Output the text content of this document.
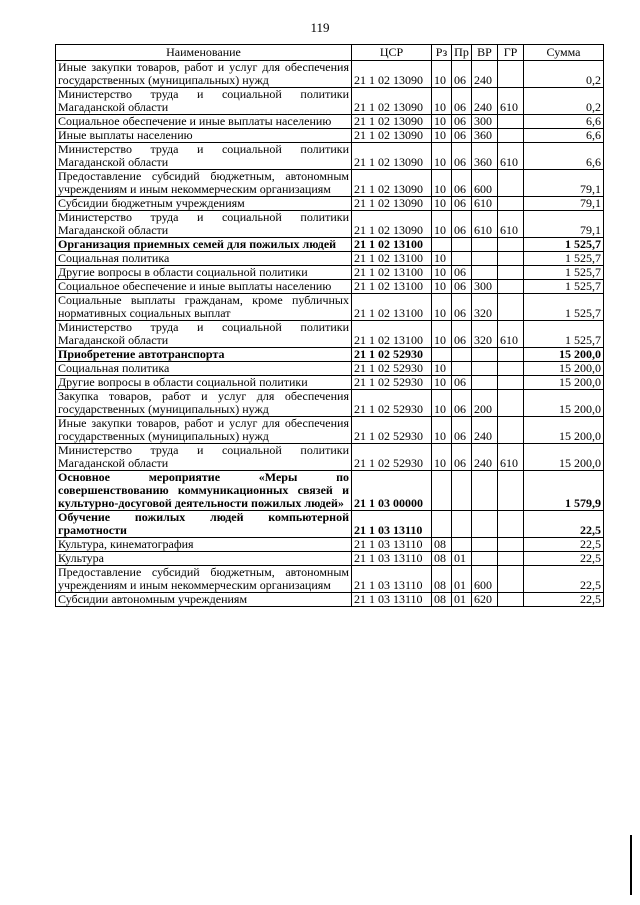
119
Наименование	ЦСР	Рз	Пр	ВР	ГР	Сумма
Иные закупки товаров, работ и услуг для обеспечения государственных (муниципальных) нужд	21 1 02 13090	10	06	240		0,2
Министерство труда и социальной политики Магаданской области	21 1 02 13090	10	06	240	610	0,2
Социальное обеспечение и иные выплаты населению	21 1 02 13090	10	06	300		6,6
Иные выплаты населению	21 1 02 13090	10	06	360		6,6
Министерство труда и социальной политики Магаданской области	21 1 02 13090	10	06	360	610	6,6
Предоставление субсидий бюджетным, автономным учреждениям и иным некоммерческим организациям	21 1 02 13090	10	06	600		79,1
Субсидии бюджетным учреждениям	21 1 02 13090	10	06	610		79,1
Министерство труда и социальной политики Магаданской области	21 1 02 13090	10	06	610	610	79,1
Организация приемных семей для пожилых людей	21 1 02 13100					1 525,7
Социальная политика	21 1 02 13100	10				1 525,7
Другие вопросы в области социальной политики	21 1 02 13100	10	06			1 525,7
Социальное обеспечение и иные выплаты населению	21 1 02 13100	10	06	300		1 525,7
Социальные выплаты гражданам, кроме публичных нормативных социальных выплат	21 1 02 13100	10	06	320		1 525,7
Министерство труда и социальной политики Магаданской области	21 1 02 13100	10	06	320	610	1 525,7
Приобретение автотранспорта	21 1 02 52930					15 200,0
Социальная политика	21 1 02 52930	10				15 200,0
Другие вопросы в области социальной политики	21 1 02 52930	10	06			15 200,0
Закупка товаров, работ и услуг для обеспечения государственных (муниципальных) нужд	21 1 02 52930	10	06	200		15 200,0
Иные закупки товаров, работ и услуг для обеспечения государственных (муниципальных) нужд	21 1 02 52930	10	06	240		15 200,0
Министерство труда и социальной политики Магаданской области	21 1 02 52930	10	06	240	610	15 200,0
Основное мероприятие «Меры по совершенствованию коммуникационных связей и культурно-досуговой деятельности пожилых людей»	21 1 03 00000					1 579,9
Обучение пожилых людей компьютерной грамотности	21 1 03 13110					22,5
Культура, кинематография	21 1 03 13110	08				22,5
Культура	21 1 03 13110	08	01			22,5
Предоставление субсидий бюджетным, автономным учреждениям и иным некоммерческим организациям	21 1 03 13110	08	01	600		22,5
Субсидии автономным учреждениям	21 1 03 13110	08	01	620		22,5
